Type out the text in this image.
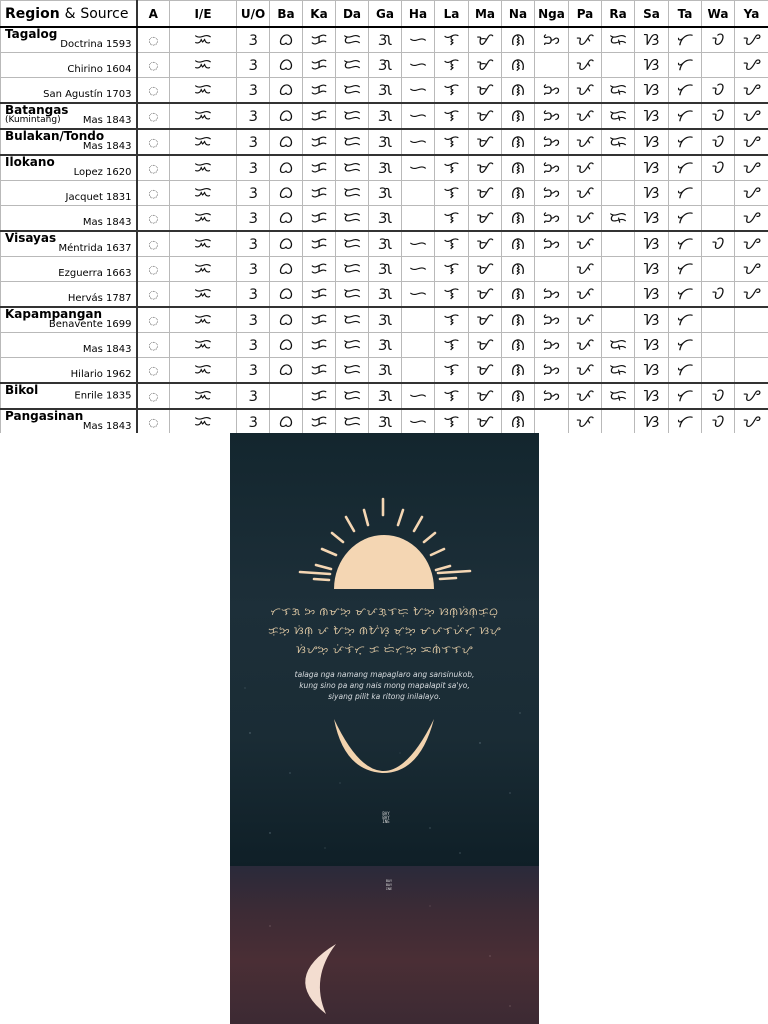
Region & Source	A	I/E	U/O	Ba	Ka	Da	Ga	Ha	La	Ma	Na	Nga	Pa	Ra	Sa	Ta	Wa	Ya

Tagalog
Doctrina 1593	ᜀ	ᜁ	ᜂ	ᜊ	ᜃ	ᜇ	ᜄ	ᜑ	ᜎ	ᜋ	ᜈ	ᜅ	ᜉ	ᜍ	ᜐ	ᜆ	ᜏ	ᜌ

Chirino 1604	ᜀ	ᜁ	ᜂ	ᜊ	ᜃ	ᜇ	ᜄ	ᜑ	ᜎ	ᜋ	ᜈ		ᜉ		ᜐ	ᜆ		ᜌ

San Agustín 1703	ᜀ	ᜁ	ᜂ	ᜊ	ᜃ	ᜇ	ᜄ	ᜑ	ᜎ	ᜋ	ᜈ	ᜅ	ᜉ	ᜍ	ᜐ	ᜆ	ᜏ	ᜌ

Batangas
(Kumintang) Mas 1843	ᜀ	ᜁ	ᜂ	ᜊ	ᜃ	ᜇ	ᜄ	ᜑ	ᜎ	ᜋ	ᜈ	ᜅ	ᜉ	ᜍ	ᜐ	ᜆ	ᜏ	ᜌ

Bulakan/Tondo
Mas 1843	ᜀ	ᜁ	ᜂ	ᜊ	ᜃ	ᜇ	ᜄ	ᜑ	ᜎ	ᜋ	ᜈ	ᜅ	ᜉ	ᜍ	ᜐ	ᜆ	ᜏ	ᜌ

Ilokano
Lopez 1620	ᜀ	ᜁ	ᜂ	ᜊ	ᜃ	ᜇ	ᜄ	ᜑ	ᜎ	ᜋ	ᜈ	ᜅ	ᜉ		ᜐ	ᜆ	ᜏ	ᜌ

Jacquet 1831	ᜀ	ᜁ	ᜂ	ᜊ	ᜃ	ᜇ	ᜄ		ᜎ	ᜋ	ᜈ	ᜅ	ᜉ		ᜐ	ᜆ		ᜌ

Mas 1843	ᜀ	ᜁ	ᜂ	ᜊ	ᜃ	ᜇ	ᜄ		ᜎ	ᜋ	ᜈ	ᜅ	ᜉ	ᜍ	ᜐ	ᜆ		ᜌ

Visayas
Méntrida 1637	ᜀ	ᜁ	ᜂ	ᜊ	ᜃ	ᜇ	ᜄ	ᜑ	ᜎ	ᜋ	ᜈ	ᜅ	ᜉ		ᜐ	ᜆ	ᜏ	ᜌ

Ezguerra 1663	ᜀ	ᜁ	ᜂ	ᜊ	ᜃ	ᜇ	ᜄ	ᜑ	ᜎ	ᜋ	ᜈ		ᜉ		ᜐ	ᜆ		ᜌ

Hervás 1787	ᜀ	ᜁ	ᜂ	ᜊ	ᜃ	ᜇ	ᜄ	ᜑ	ᜎ	ᜋ	ᜈ	ᜅ	ᜉ		ᜐ	ᜆ	ᜏ	ᜌ

Kapampangan
Benavente 1699	ᜀ	ᜁ	ᜂ	ᜊ	ᜃ	ᜇ	ᜄ		ᜎ	ᜋ	ᜈ	ᜅ	ᜉ		ᜐ	ᜆ		

Mas 1843	ᜀ	ᜁ	ᜂ	ᜊ	ᜃ	ᜇ	ᜄ		ᜎ	ᜋ	ᜈ	ᜅ	ᜉ	ᜍ	ᜐ	ᜆ		

Hilario 1962	ᜀ	ᜁ	ᜂ	ᜊ	ᜃ	ᜇ	ᜄ		ᜎ	ᜋ	ᜈ	ᜅ	ᜉ	ᜍ	ᜐ	ᜆ		

Bikol Enrile 1835	ᜀ	ᜁ	ᜂ		ᜃ	ᜇ	ᜄ	ᜑ	ᜎ	ᜋ	ᜈ	ᜅ	ᜉ	ᜍ	ᜐ	ᜆ	ᜏ	ᜌ

Pangasinan
Mas 1843	ᜀ	ᜁ	ᜂ	ᜊ	ᜃ	ᜇ	ᜄ	ᜑ	ᜎ	ᜋ	ᜈ		ᜉ		ᜐ	ᜆ	ᜏ	ᜌ
ᜆᜎᜄ ᜅ ᜈᜋᜅ᜔ ᜋᜉᜄ᜔ᜎᜇᜓ ᜀᜅ᜔ ᜐᜈ᜔ᜐᜒᜈᜓᜃᜓᜊ᜔
ᜃᜓᜅ᜔ ᜐᜒᜈᜓ ᜉ ᜀᜅ᜔ ᜈᜀᜒᜐ᜔ ᜋᜓᜅ᜔ ᜋᜉᜎᜉᜒᜆ᜔ ᜐᜌᜓ
ᜐᜒᜌᜅ᜔ ᜉᜒᜎᜒᜆ᜔ ᜃ ᜇᜒᜆᜓᜅ᜔ ᜁᜈᜒᜎᜎᜌᜓ
talaga nga namang mapaglaro ang sansinukob,
kung sino pa ang nais mong mapalapit sa'yo,
siyang pilit ka ritong inilalayo.
BAY BAY INE
BAY BAY INE
